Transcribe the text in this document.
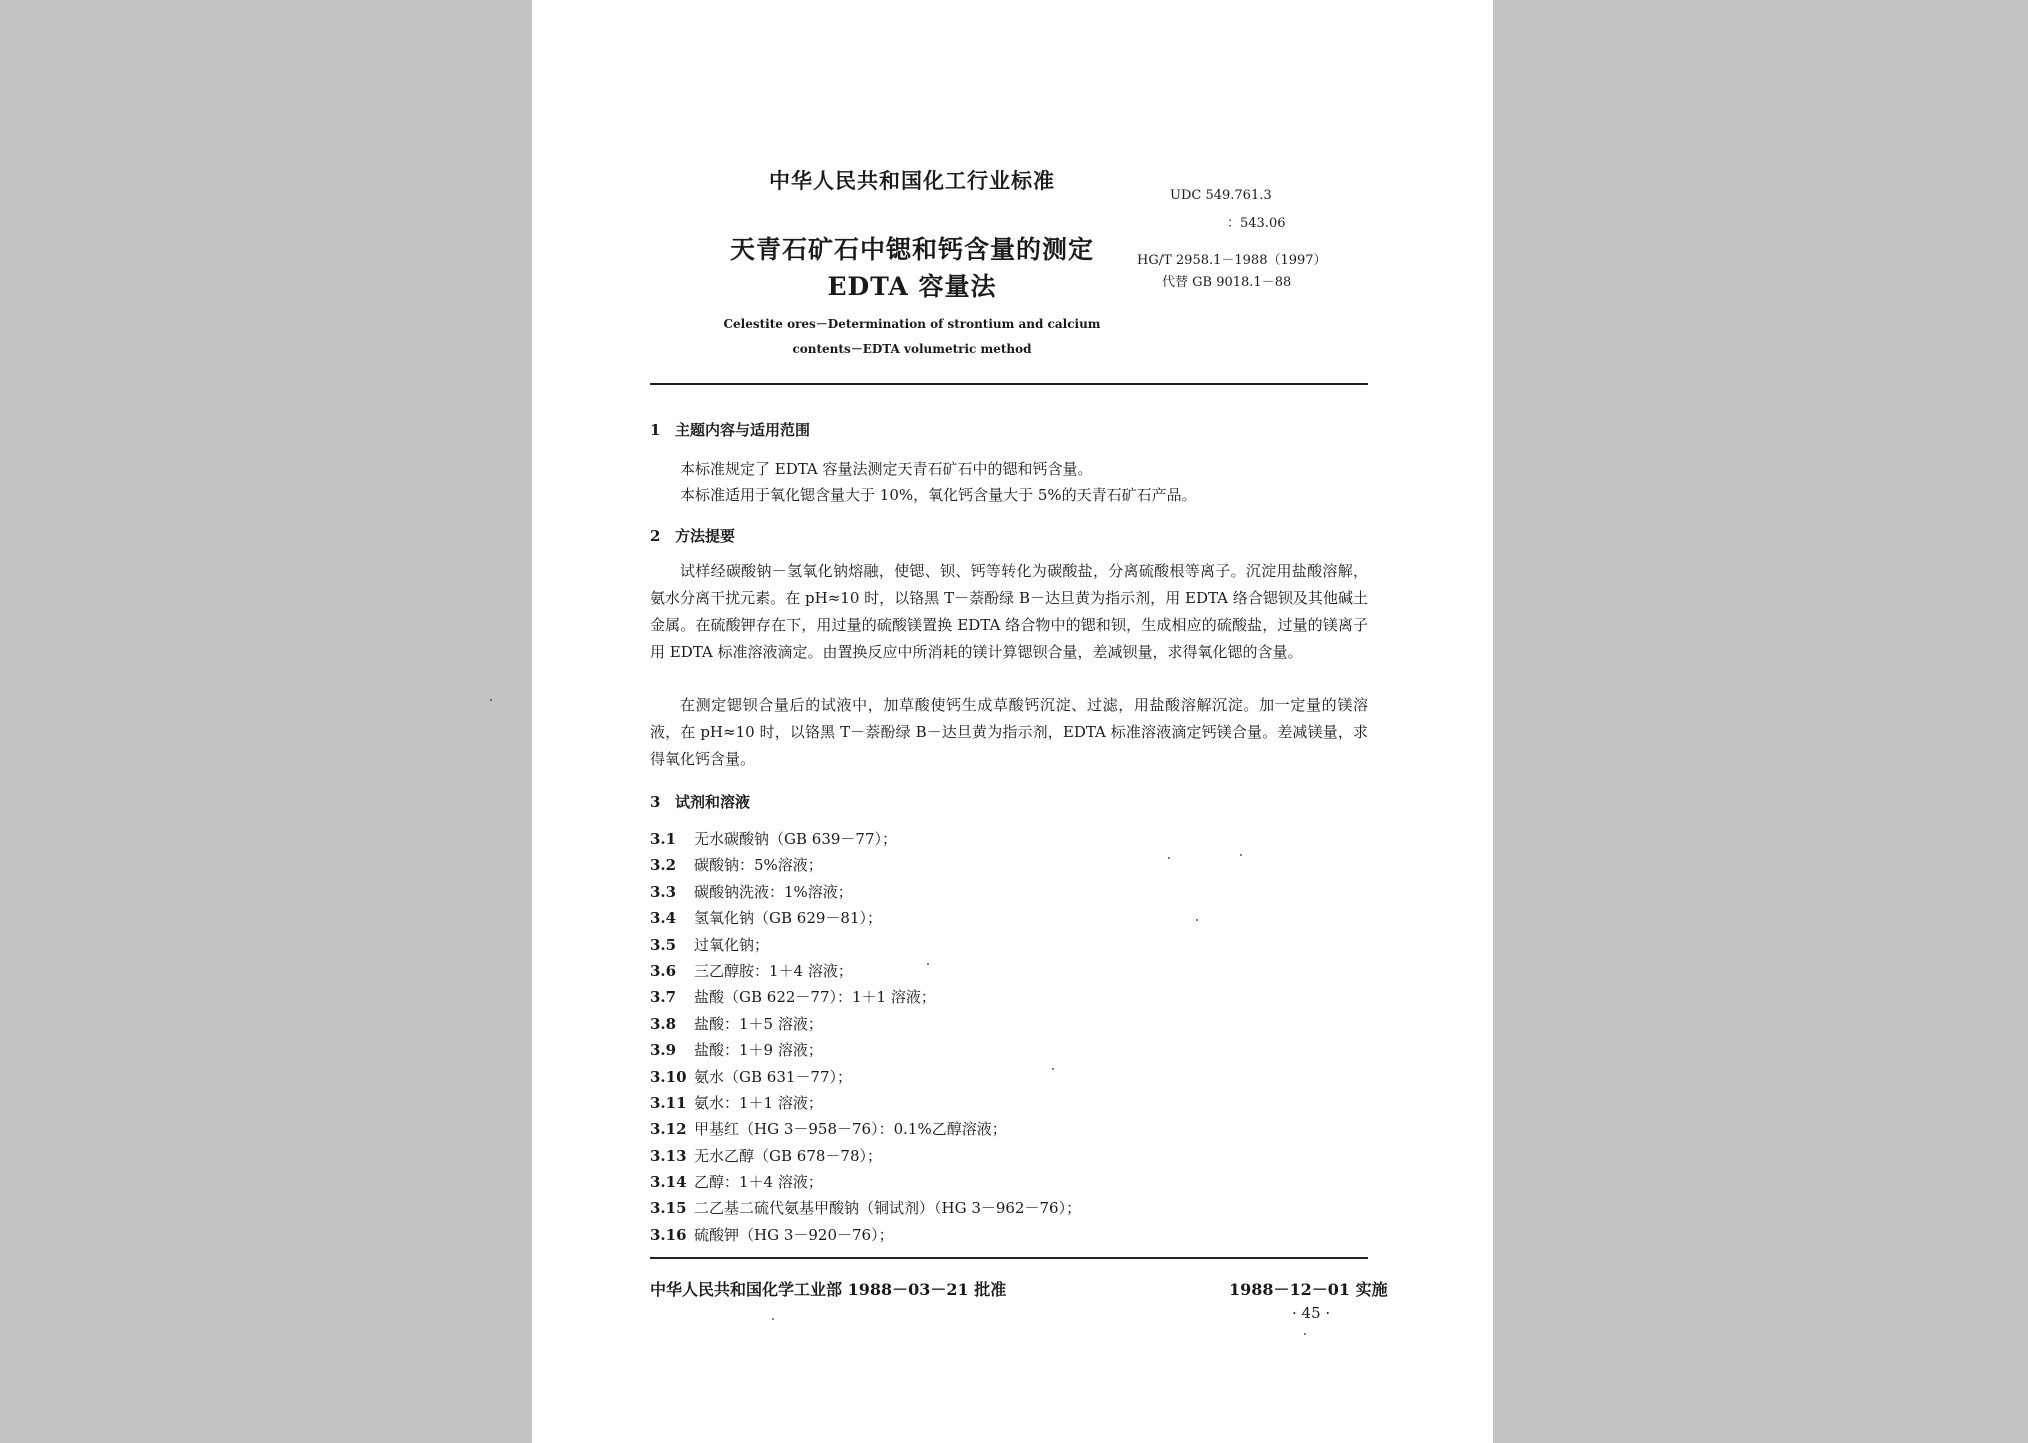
中华人民共和国化工行业标准
UDC 549.761.3
：543.06
天青石矿石中锶和钙含量的测定	HG/T 2958.1－1988（1997）
代替 GB 9018.1－88
EDTA 容量法
Celestite ores－Determination of strontium and calcium
contents－EDTA volumetric method
1 主题内容与适用范围
本标准规定了 EDTA 容量法测定天青石矿石中的锶和钙含量。
本标准适用于氧化锶含量大于 10%，氧化钙含量大于 5%的天青石矿石产品。
2 方法提要
试样经碳酸钠－氢氧化钠熔融，使锶、钡、钙等转化为碳酸盐，分离硫酸根等离子。沉淀用盐酸溶解，氨水分离干扰元素。在 pH≈10 时，以铬黑 T－萘酚绿 B－达旦黄为指示剂，用 EDTA 络合锶钡及其他碱土金属。在硫酸钾存在下，用过量的硫酸镁置换 EDTA 络合物中的锶和钡，生成相应的硫酸盐，过量的镁离子用 EDTA 标准溶液滴定。由置换反应中所消耗的镁计算锶钡合量，差减钡量，求得氧化锶的含量。
在测定锶钡合量后的试液中，加草酸使钙生成草酸钙沉淀、过滤，用盐酸溶解沉淀。加一定量的镁溶液，在 pH≈10 时，以铬黑 T－萘酚绿 B－达旦黄为指示剂，EDTA 标准溶液滴定钙镁合量。差减镁量，求得氧化钙含量。
3 试剂和溶液
3.1 无水碳酸钠（GB 639－77）；
3.2 碳酸钠：5%溶液；
3.3 碳酸钠洗液：1%溶液；
3.4 氢氧化钠（GB 629－81）；
3.5 过氧化钠；
3.6 三乙醇胺：1＋4 溶液；
3.7 盐酸（GB 622－77）：1＋1 溶液；
3.8 盐酸：1＋5 溶液；
3.9 盐酸：1＋9 溶液；
3.10 氨水（GB 631－77）；
3.11 氨水：1＋1 溶液；
3.12 甲基红（HG 3－958－76）：0.1%乙醇溶液；
3.13 无水乙醇（GB 678－78）；
3.14 乙醇：1＋4 溶液；
3.15 二乙基二硫代氨基甲酸钠（铜试剂）（HG 3－962－76）；
3.16 硫酸钾（HG 3－920－76）；
中华人民共和国化学工业部 1988－03－21 批准	1988－12－01 实施
· 45 ·
